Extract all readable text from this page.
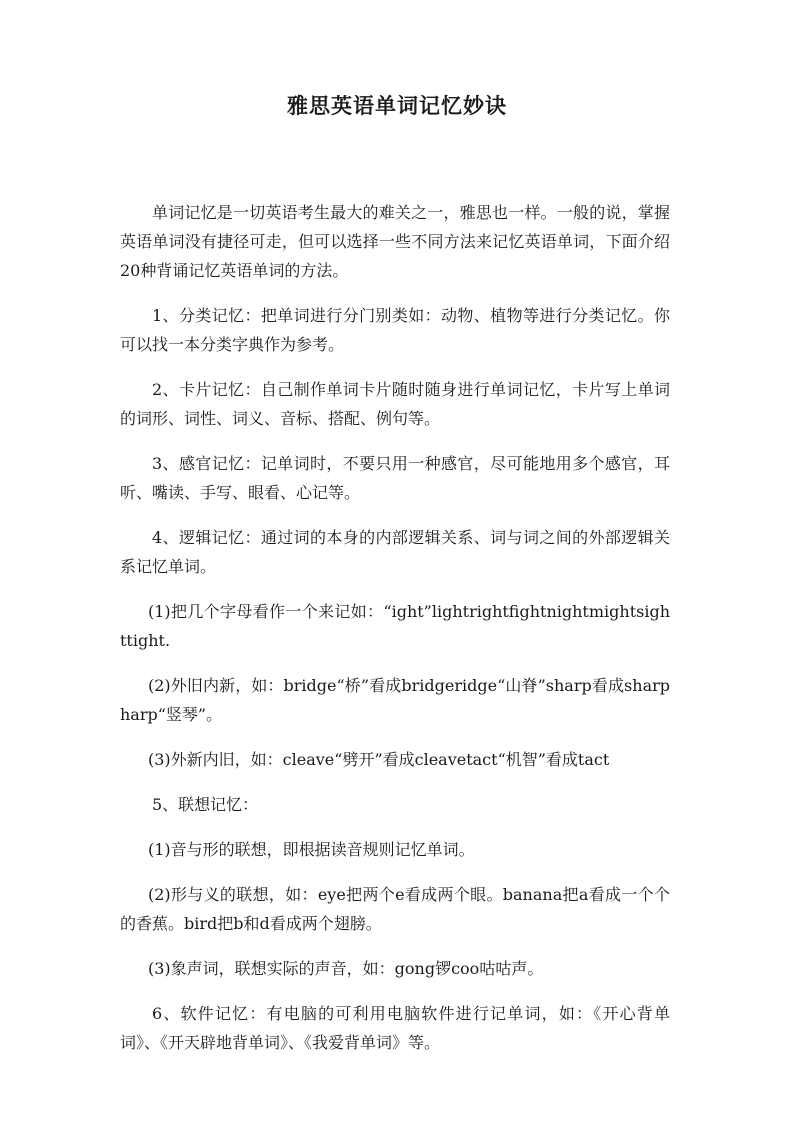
雅思英语单词记忆妙诀

单词记忆是一切英语考生最大的难关之一，雅思也一样。一般的说，掌握英语单词没有捷径可走，但可以选择一些不同方法来记忆英语单词，下面介绍20种背诵记忆英语单词的方法。

1、分类记忆：把单词进行分门别类如：动物、植物等进行分类记忆。你可以找一本分类字典作为参考。

2、卡片记忆：自己制作单词卡片随时随身进行单词记忆，卡片写上单词的词形、词性、词义、音标、搭配、例句等。

3、感官记忆：记单词时，不要只用一种感官，尽可能地用多个感官，耳听、嘴读、手写、眼看、心记等。

4、逻辑记忆：通过词的本身的内部逻辑关系、词与词之间的外部逻辑关系记忆单词。

(1)把几个字母看作一个来记如：“ight”lightrightfightnightmightsighttight.

(2)外旧内新，如：bridge“桥”看成bridgeridge“山脊”sharp看成sharpharp“竖琴”。

(3)外新内旧，如：cleave“劈开”看成cleavetact“机智”看成tact

5、联想记忆：

(1)音与形的联想，即根据读音规则记忆单词。

(2)形与义的联想，如：eye把两个e看成两个眼。banana把a看成一个个的香蕉。bird把b和d看成两个翅膀。

(3)象声词，联想实际的声音，如：gong锣coo咕咕声。

6、软件记忆：有电脑的可利用电脑软件进行记单词，如：《开心背单词》、《开天辟地背单词》、《我爱背单词》等。
